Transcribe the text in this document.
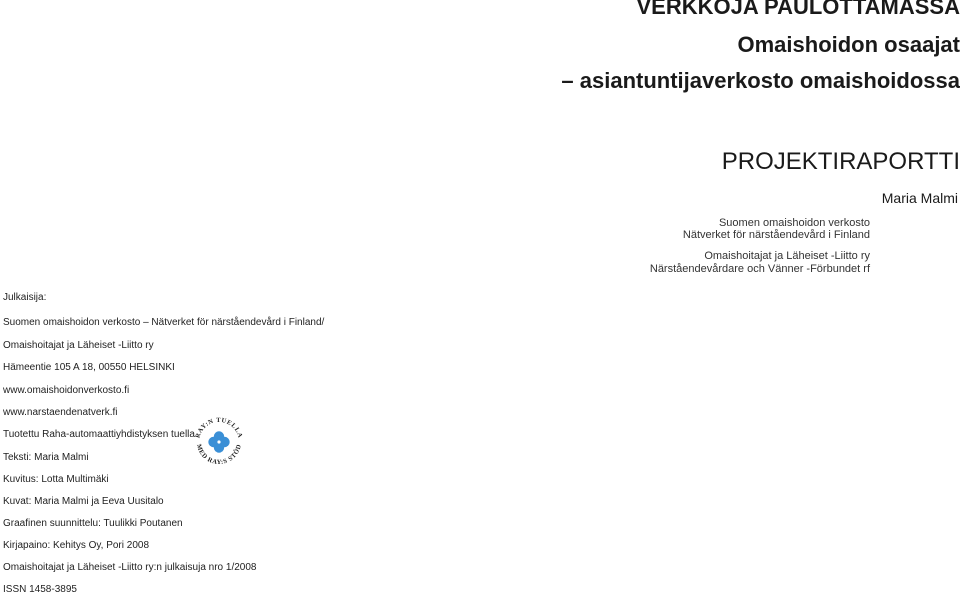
VERKKOJA PAULOTTAMASSA
Omaishoidon osaajat
– asiantuntijaverkosto omaishoidossa
PROJEKTIRAPORTTI
Maria Malmi
Suomen omaishoidon verkosto
Nätverket för närståendevård i Finland
Omaishoitajat ja Läheiset -Liitto ry
Närståendevårdare och Vänner -Förbundet rf
Julkaisija:
Suomen omaishoidon verkosto – Nätverket för närståendevård i Finland/
Omaishoitajat ja Läheiset -Liitto ry
Hämeentie 105 A 18, 00550 HELSINKI
www.omaishoidonverkosto.fi
www.narstaendenatverk.fi
Tuotettu Raha-automaattiyhdistyksen tuella
Teksti: Maria Malmi
Kuvitus: Lotta Multimäki
Kuvat: Maria Malmi ja Eeva Uusitalo
Graafinen suunnittelu: Tuulikki Poutanen
Kirjapaino: Kehitys Oy, Pori 2008
Omaishoitajat ja Läheiset -Liitto ry:n julkaisuja nro 1/2008
ISSN 1458-3895
RAY:N TUELLA
MED RAY:S STÖD
